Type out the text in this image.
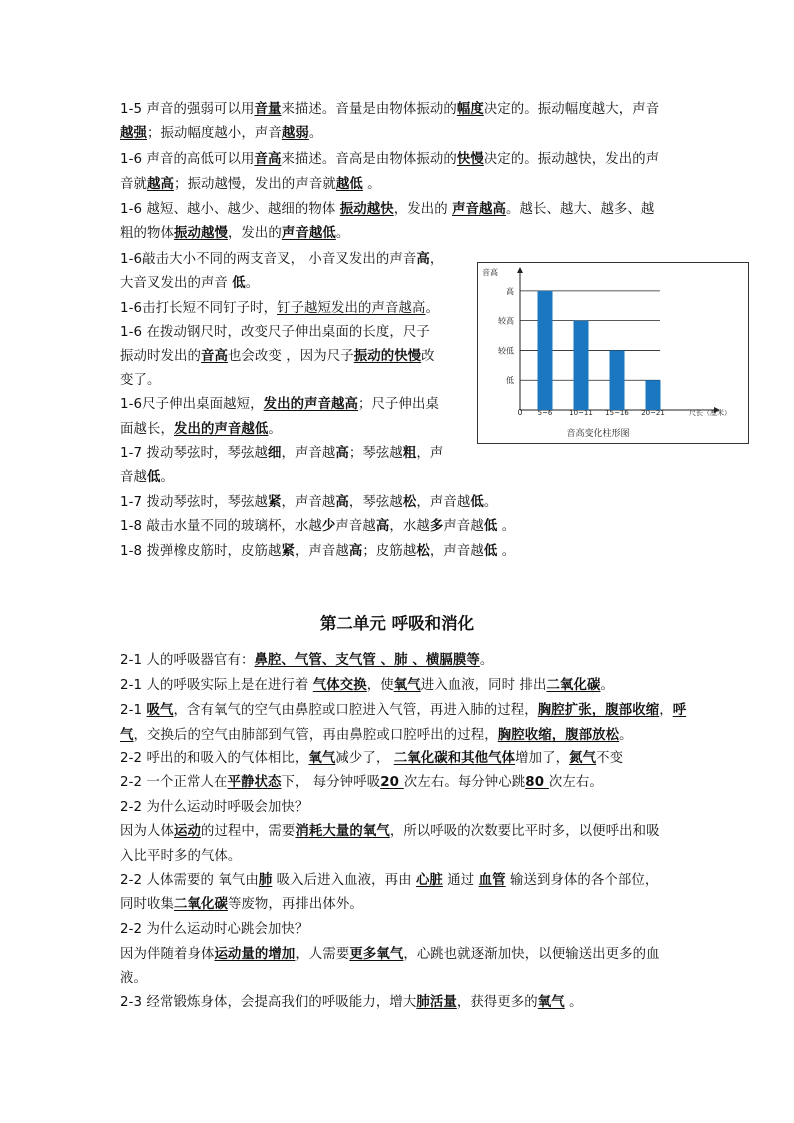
1-5 声音的强弱可以用音量来描述。音量是由物体振动的幅度决定的。振动幅度越大，声音
越强；振动幅度越小，声音越弱。
1-6 声音的高低可以用音高来描述。音高是由物体振动的快慢决定的。振动越快，发出的声
音就越高；振动越慢，发出的声音就越低 。
1-6 越短、越小、越少、越细的物体 振动越快，发出的 声音越高。越长、越大、越多、越
粗的物体振动越慢，发出的声音越低。
1-6敲击大小不同的两支音叉， 小音叉发出的声音高，
大音叉发出的声音 低。
1-6击打长短不同钉子时，钉子越短发出的声音越高。
1-6 在拨动钢尺时，改变尺子伸出桌面的长度，尺子
振动时发出的音高也会改变 ，因为尺子振动的快慢改
变了。
1-6尺子伸出桌面越短，发出的声音越高；尺子伸出桌
面越长，发出的声音越低。
1-7 拨动琴弦时，琴弦越细，声音越高；琴弦越粗，声
音越低。
1-7 拨动琴弦时，琴弦越紧，声音越高，琴弦越松，声音越低。
1-8 敲击水量不同的玻璃杯，水越少声音越高，水越多声音越低 。
1-8 拨弹橡皮筋时，皮筋越紧，声音越高；皮筋越松，声音越低 。
低
较低
较高
高
音高
尺长（厘米）
0 5~6 10~11 15~16 20~21
音高变化柱形图
第二单元 呼吸和消化
2-1 人的呼吸器官有：鼻腔、气管、支气管 、肺 、横膈膜等。
2-1 人的呼吸实际上是在进行着 气体交换，使氧气进入血液，同时 排出二氧化碳。
2-1 吸气，含有氧气的空气由鼻腔或口腔进入气管，再进入肺的过程，胸腔扩张，腹部收缩，呼
气，交换后的空气由肺部到气管，再由鼻腔或口腔呼出的过程，胸腔收缩，腹部放松。
2-2 呼出的和吸入的气体相比，氧气减少了， 二氧化碳和其他气体增加了，氮气不变
2-2 一个正常人在平静状态下， 每分钟呼吸20 次左右。每分钟心跳80 次左右。
2-2 为什么运动时呼吸会加快？
因为人体运动的过程中，需要消耗大量的氧气，所以呼吸的次数要比平时多，以便呼出和吸
入比平时多的气体。
2-2 人体需要的 氧气由肺 吸入后进入血液，再由 心脏 通过 血管 输送到身体的各个部位，
同时收集二氧化碳等废物，再排出体外。
2-2 为什么运动时心跳会加快？
因为伴随着身体运动量的增加，人需要更多氧气，心跳也就逐渐加快，以便输送出更多的血
液。
2-3 经常锻炼身体，会提高我们的呼吸能力，增大肺活量，获得更多的氧气 。
